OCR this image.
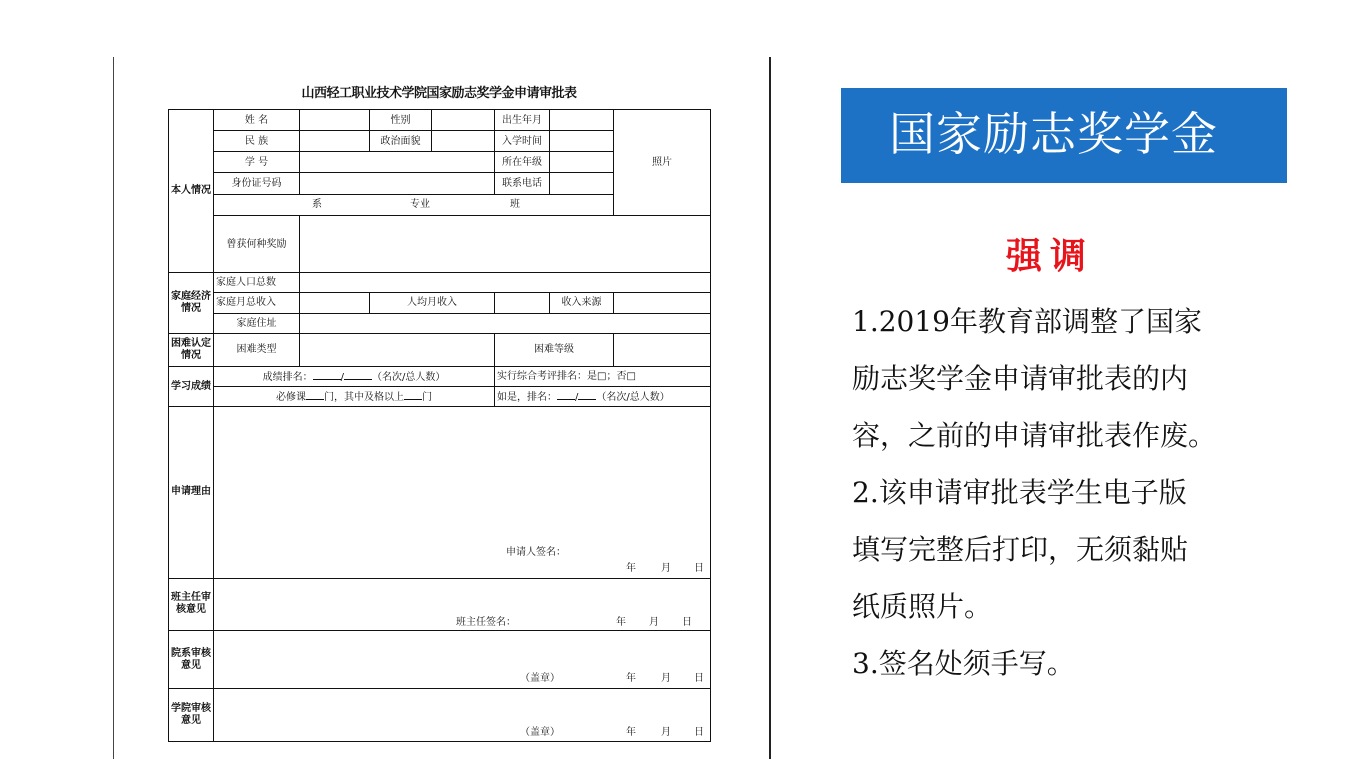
山西轻工职业技术学院国家励志奖学金申请审批表
本人情况	姓 名		性别		出生年月		照片
	民 族		政治面貌		入学时间		
	学 号				所在年级		
	身份证号码				联系电话		

	系 专业 班						

	曾获何种奖励						
家庭经济情况	家庭人口总数						
	家庭月总收入		人均月收入			收入来源	
	家庭住址						
困难认定情况	困难类型				困难等级		
学习成绩	成绩排名： / （名次/总人数）				实行综合考评排名：是□；否□		
	必修课 门，其中及格以上 门				如是，排名： / （名次/总人数）		
申请理由	申请人签名：
年 月 日						

班主任审核意见	班主任签名： 年 月 日						

院系审核意见	（盖章） 年 月 日						

学院审核意见	（盖章） 年 月 日						
国家励志奖学金
强调
1.2019年教育部调整了国家
励志奖学金申请审批表的内
容，之前的申请审批表作废。
2.该申请审批表学生电子版
填写完整后打印，无须黏贴
纸质照片。
3.签名处须手写。
